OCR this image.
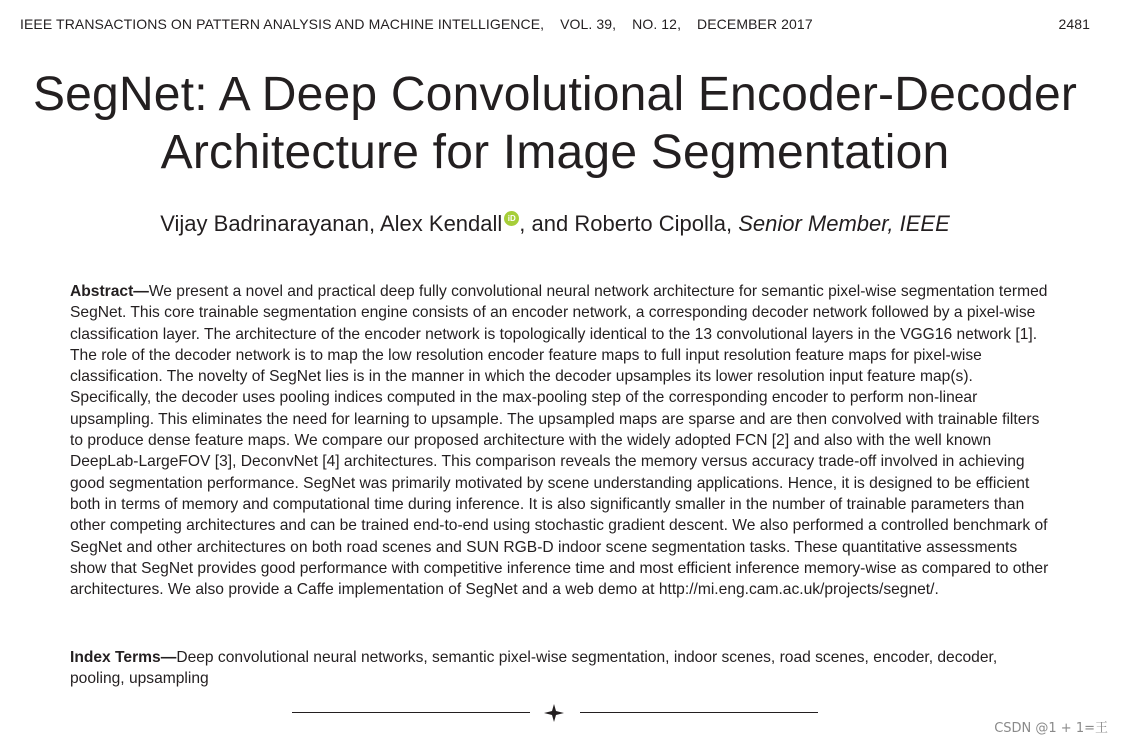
IEEE TRANSACTIONS ON PATTERN ANALYSIS AND MACHINE INTELLIGENCE,    VOL. 39,    NO. 12,    DECEMBER 2017	2481
SegNet: A Deep Convolutional Encoder-Decoder
Architecture for Image Segmentation
Vijay Badrinarayanan, Alex Kendall iD , and Roberto Cipolla, Senior Member, IEEE
Abstract—We present a novel and practical deep fully convolutional neural network architecture for semantic pixel-wise segmentation termed SegNet. This core trainable segmentation engine consists of an encoder network, a corresponding decoder network followed by a pixel-wise classification layer. The architecture of the encoder network is topologically identical to the 13 convolutional layers in the VGG16 network [1]. The role of the decoder network is to map the low resolution encoder feature maps to full input resolution feature maps for pixel-wise classification. The novelty of SegNet lies is in the manner in which the decoder upsamples its lower resolution input feature map(s). Specifically, the decoder uses pooling indices computed in the max-pooling step of the corresponding encoder to perform non-linear upsampling. This eliminates the need for learning to upsample. The upsampled maps are sparse and are then convolved with trainable filters to produce dense feature maps. We compare our proposed architecture with the widely adopted FCN [2] and also with the well known DeepLab-LargeFOV [3], DeconvNet [4] architectures. This comparison reveals the memory versus accuracy trade-off involved in achieving good segmentation performance. SegNet was primarily motivated by scene understanding applications. Hence, it is designed to be efficient both in terms of memory and computational time during inference. It is also significantly smaller in the number of trainable parameters than other competing architectures and can be trained end-to-end using stochastic gradient descent. We also performed a controlled benchmark of SegNet and other architectures on both road scenes and SUN RGB-D indoor scene segmentation tasks. These quantitative assessments show that SegNet provides good performance with competitive inference time and most efficient inference memory-wise as compared to other architectures. We also provide a Caffe implementation of SegNet and a web demo at http://mi.eng.cam.ac.uk/projects/segnet/.
Index Terms—Deep convolutional neural networks, semantic pixel-wise segmentation, indoor scenes, road scenes, encoder, decoder, pooling, upsampling
CSDN @1 + 1=王
